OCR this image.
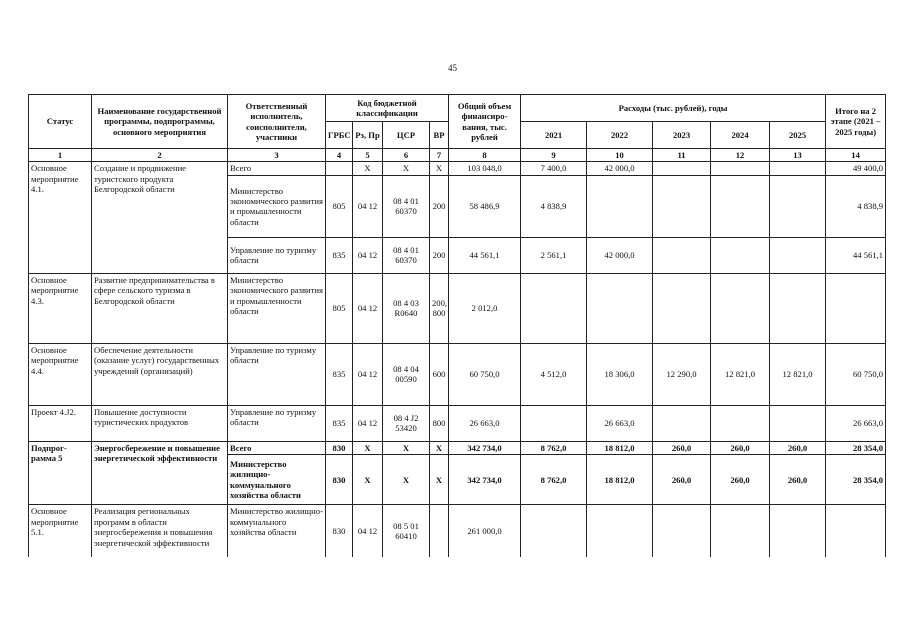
45
Статус	Наименование государственной программы, подпрограммы, основного мероприятия	Ответственный исполнитель, соисполнители, участники	Код бюджетной классификации				Общий объем финансиро-вания, тыс. рублей	Расходы (тыс. рублей), годы					Итого на 2 этапе (2021 – 2025 годы)
			ГРБС	Рз, Пр	ЦСР	ВР		2021	2022	2023	2024	2025	
1	2	3	4	5	6	7	8	9	10	11	12	13	14
Основное мероприятие 4.1.	Создание и продвижение туристского продукта Белгородской области	Всего		Х	Х	Х	103 048,0	7 400,0	42 000,0				49 400,0
		Министерство экономического развития и промышленности области	805	04 12	08 4 01 60370	200	58 486,9	4 838,9					4 838,9
		Управление по туризму области	835	04 12	08 4 01 60370	200	44 561,1	2 561,1	42 000,0				44 561,1
Основное мероприятие 4.3.	Развитие предпринимательства в сфере сельского туризма в Белгородской области	Министерство экономического развития и промышленности области	805	04 12	08 4 03 R0640	200, 800	2 012,0						
Основное мероприятие 4.4.	Обеспечение деятельности (оказание услуг) государственных учреждений (организаций)	Управление по туризму области	835	04 12	08 4 04 00590	600	60 750,0	4 512,0	18 306,0	12 290,0	12 821,0	12 821,0	60 750,0
Проект 4.J2.	Повышение доступности туристических продуктов	Управление по туризму области	835	04 12	08 4 J2 53420	800	26 663,0		26 663,0				26 663,0
Подпрог-рамма 5	Энергосбережение и повышение энергетической эффективности	Всего	830	Х	Х	Х	342 734,0	8 762,0	18 812,0	260,0	260,0	260,0	28 354,0
		Министерство жилищно-коммунального хозяйства области	830	Х	Х	Х	342 734,0	8 762,0	18 812,0	260,0	260,0	260,0	28 354,0
Основное мероприятие 5.1.	Реализация региональных программ в области энергосбережения и повышения энергетической эффективности	Министерство жилищно-коммунального хозяйства области	830	04 12	08 5 01 60410		261 000,0						
